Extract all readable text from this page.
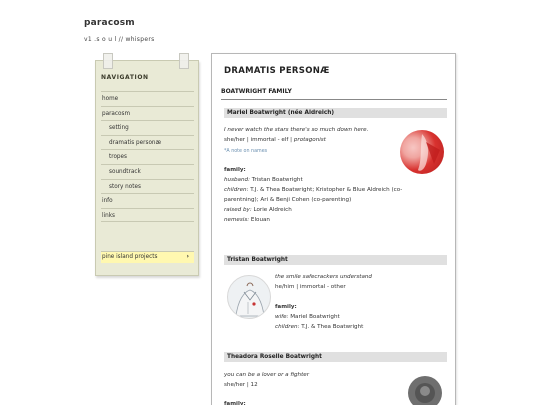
paracosm
v1 .s o u l // whispers
NAVIGATION
home
paracosm
setting
dramatis personæ
tropes
soundtrack
story notes
info
links
pine island projects	›
DRAMATIS PERSONÆ
BOATWRIGHT FAMILY
Mariel Boatwright (née Aldreich)
I never watch the stars there's so much down here.
she/her | immortal - elf | protagonist
*A note on names
family:
husband: Tristan Boatwright
children: T.J. & Thea Boatwright; Kristopher & Blue Aldreich (co-
parentning); Ari & Benji Cohen (co-parenting)
raised by: Lorie Aldreich
nemesis: Elouan
Tristan Boatwright
the smile safecrackers understand
he/him | immortal - other
family:
wife: Mariel Boatwright
children: T.J. & Thea Boatwright
Theadora Roselle Boatwright
you can be a lover or a fighter
she/her | 12
family:
